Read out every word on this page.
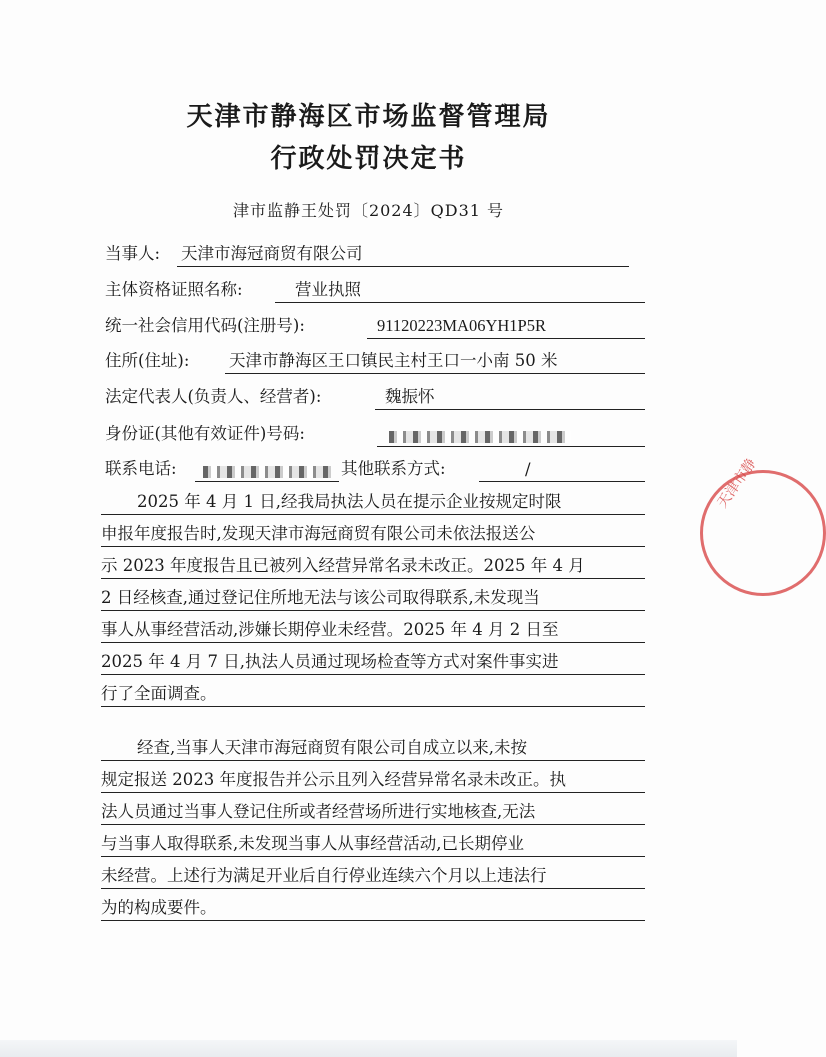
天津市静海区市场监督管理局
行政处罚决定书
津市监静王处罚〔2024〕QD31 号
当事人: 天津市海冠商贸有限公司
主体资格证照名称:	营业执照
统一社会信用代码(注册号):	91120223MA06YH1P5R
住所(住址): 天津市静海区王口镇民主村王口一小南 50 米
法定代表人(负责人、经营者):	魏振怀
身份证(其他有效证件)号码:
联系电话:	其他联系方式:	/
2025 年 4 月 1 日,经我局执法人员在提示企业按规定时限
申报年度报告时,发现天津市海冠商贸有限公司未依法报送公
示 2023 年度报告且已被列入经营异常名录未改正。2025 年 4 月
2 日经核查,通过登记住所地无法与该公司取得联系,未发现当
事人从事经营活动,涉嫌长期停业未经营。2025 年 4 月 2 日至
2025 年 4 月 7 日,执法人员通过现场检查等方式对案件事实进
行了全面调查。
经查,当事人天津市海冠商贸有限公司自成立以来,未按
规定报送 2023 年度报告并公示且列入经营异常名录未改正。执
法人员通过当事人登记住所或者经营场所进行实地核查,无法
与当事人取得联系,未发现当事人从事经营活动,已长期停业
未经营。上述行为满足开业后自行停业连续六个月以上违法行
为的构成要件。
天津市静
